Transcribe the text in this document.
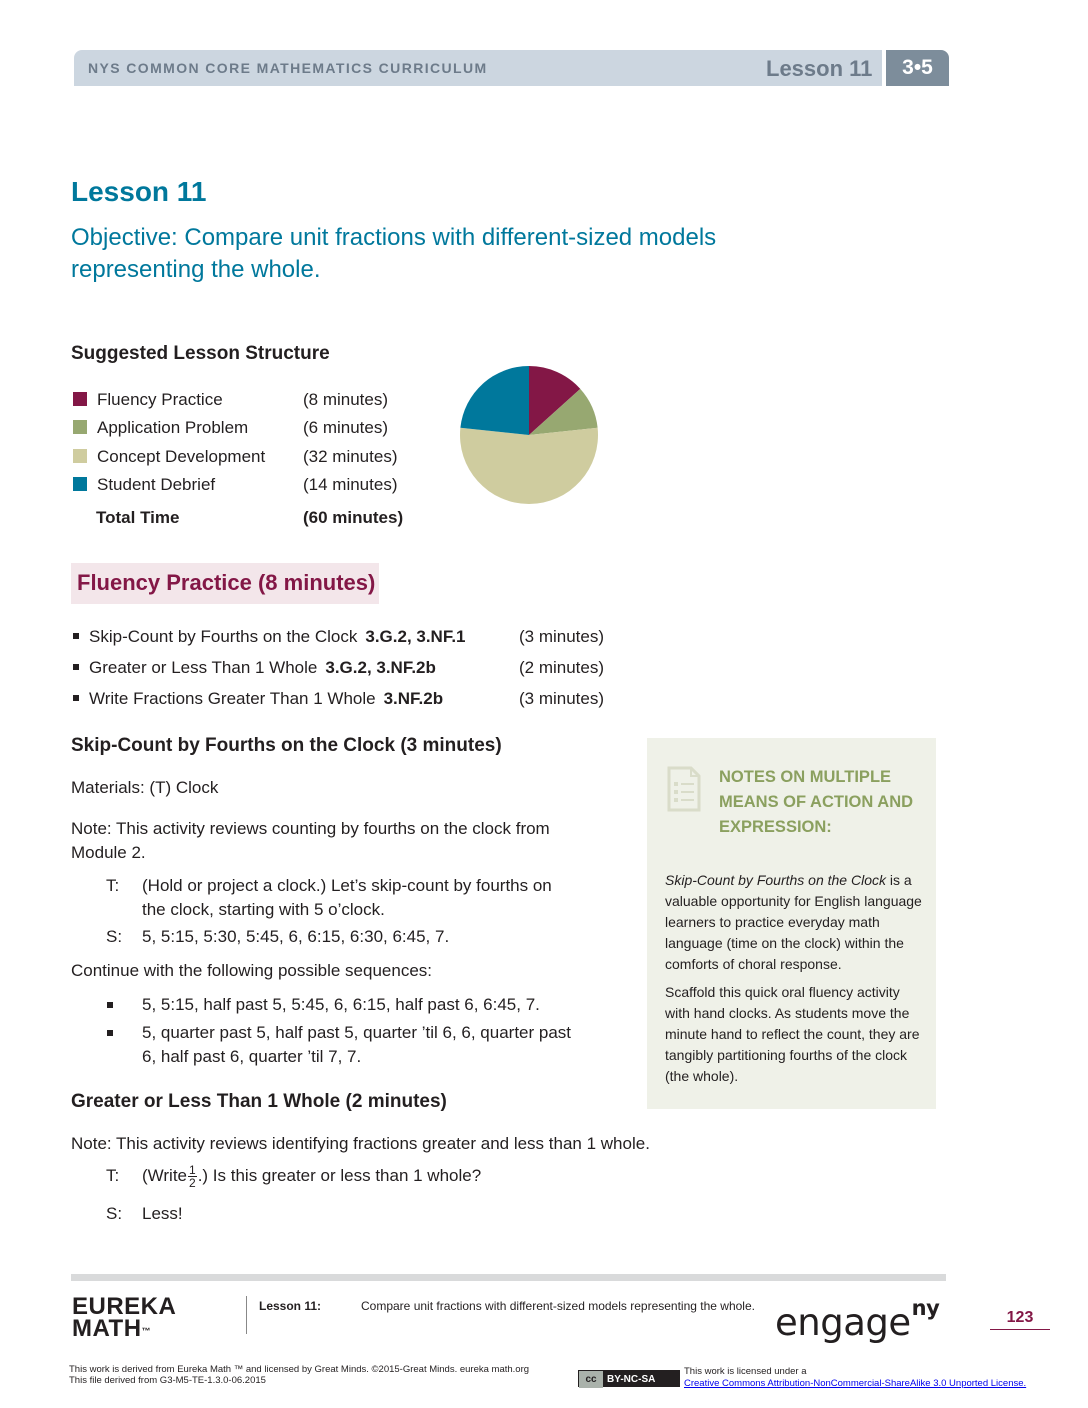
NYS COMMON CORE MATHEMATICS CURRICULUM	Lesson 11	3•5
Lesson 11
Objective: Compare unit fractions with different-sized models representing the whole.
Suggested Lesson Structure
Fluency Practice	(8 minutes)
Application Problem	(6 minutes)
Concept Development (32 minutes)
Student Debrief	(14 minutes)
Total Time	(60 minutes)
Fluency Practice (8 minutes)
Skip-Count by Fourths on the Clock 3.G.2, 3.NF.1	(3 minutes)
Greater or Less Than 1 Whole 3.G.2, 3.NF.2b	(2 minutes)
Write Fractions Greater Than 1 Whole 3.NF.2b	(3 minutes)
Skip-Count by Fourths on the Clock (3 minutes)
Materials: (T) Clock
Note: This activity reviews counting by fourths on the clock from Module 2.
T: (Hold or project a clock.) Let’s skip-count by fourths on the clock, starting with 5 o’clock.
S: 5, 5:15, 5:30, 5:45, 6, 6:15, 6:30, 6:45, 7.
Continue with the following possible sequences:
5, 5:15, half past 5, 5:45, 6, 6:15, half past 6, 6:45, 7.
5, quarter past 5, half past 5, quarter ’til 6, 6, quarter past 6, half past 6, quarter ’til 7, 7.
Greater or Less Than 1 Whole (2 minutes)
Note: This activity reviews identifying fractions greater and less than 1 whole.
T: (Write $\frac{1}{2}$ .) Is this greater or less than 1 whole?
S: Less!
NOTES ON MULTIPLE MEANS OF ACTION AND EXPRESSION:
Skip-Count by Fourths on the Clock is a valuable opportunity for English language learners to practice everyday math language (time on the clock) within the comforts of choral response.
Scaffold this quick oral fluency activity with hand clocks. As students move the minute hand to reflect the count, they are tangibly partitioning fourths of the clock (the whole).
EUREKA
MATH™
Lesson 11:	Compare unit fractions with different-sized models representing the whole. engage$^{ny}$	123
This work is derived from Eureka Math ™ and licensed by Great Minds. ©2015-Great Minds. eureka math.org
This file derived from G3-M5-TE-1.3.0-06.2015	cc BY-NC-SA
This work is licensed under a
Creative Commons Attribution-NonCommercial-ShareAlike 3.0 Unported License.
